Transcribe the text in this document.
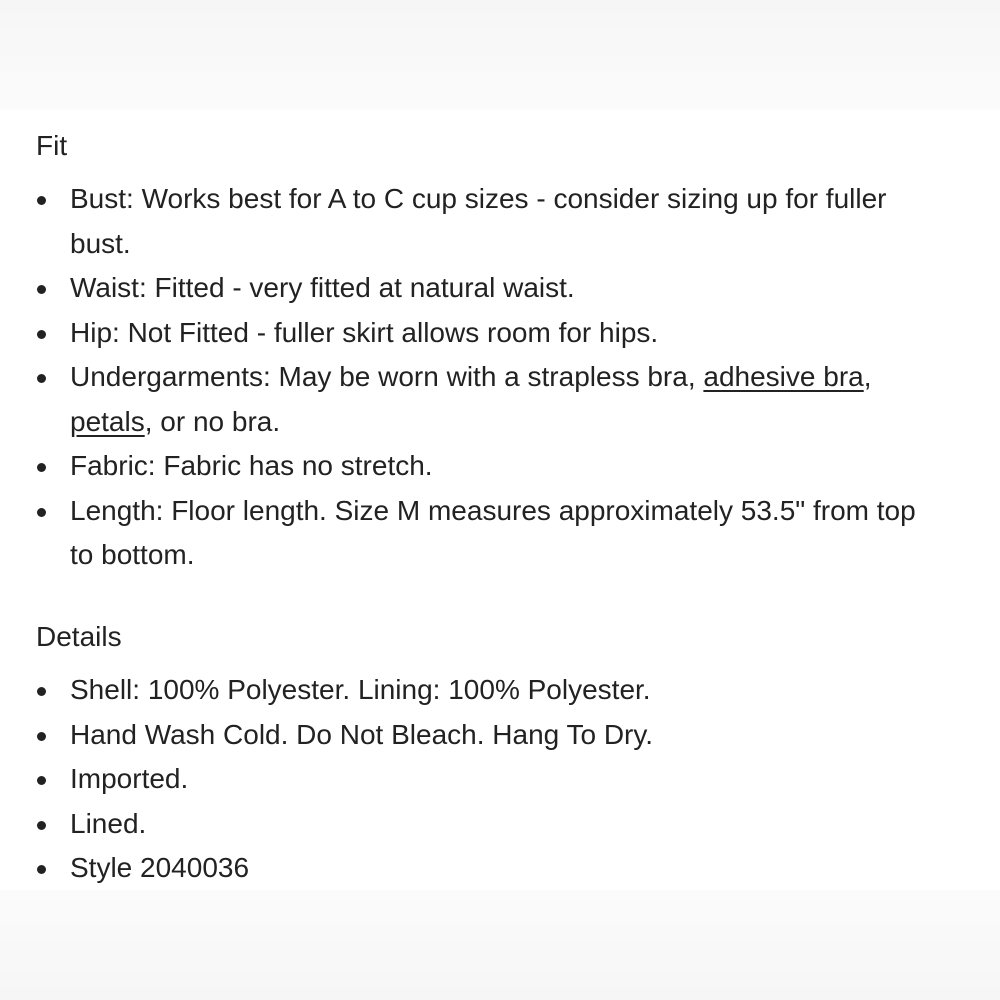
Fit
Bust: Works best for A to C cup sizes - consider sizing up for fuller bust.
Waist: Fitted - very fitted at natural waist.
Hip: Not Fitted - fuller skirt allows room for hips.
Undergarments: May be worn with a strapless bra, adhesive bra, petals, or no bra.
Fabric: Fabric has no stretch.
Length: Floor length. Size M measures approximately 53.5" from top to bottom.
Details
Shell: 100% Polyester. Lining: 100% Polyester.
Hand Wash Cold. Do Not Bleach. Hang To Dry.
Imported.
Lined.
Style 2040036
